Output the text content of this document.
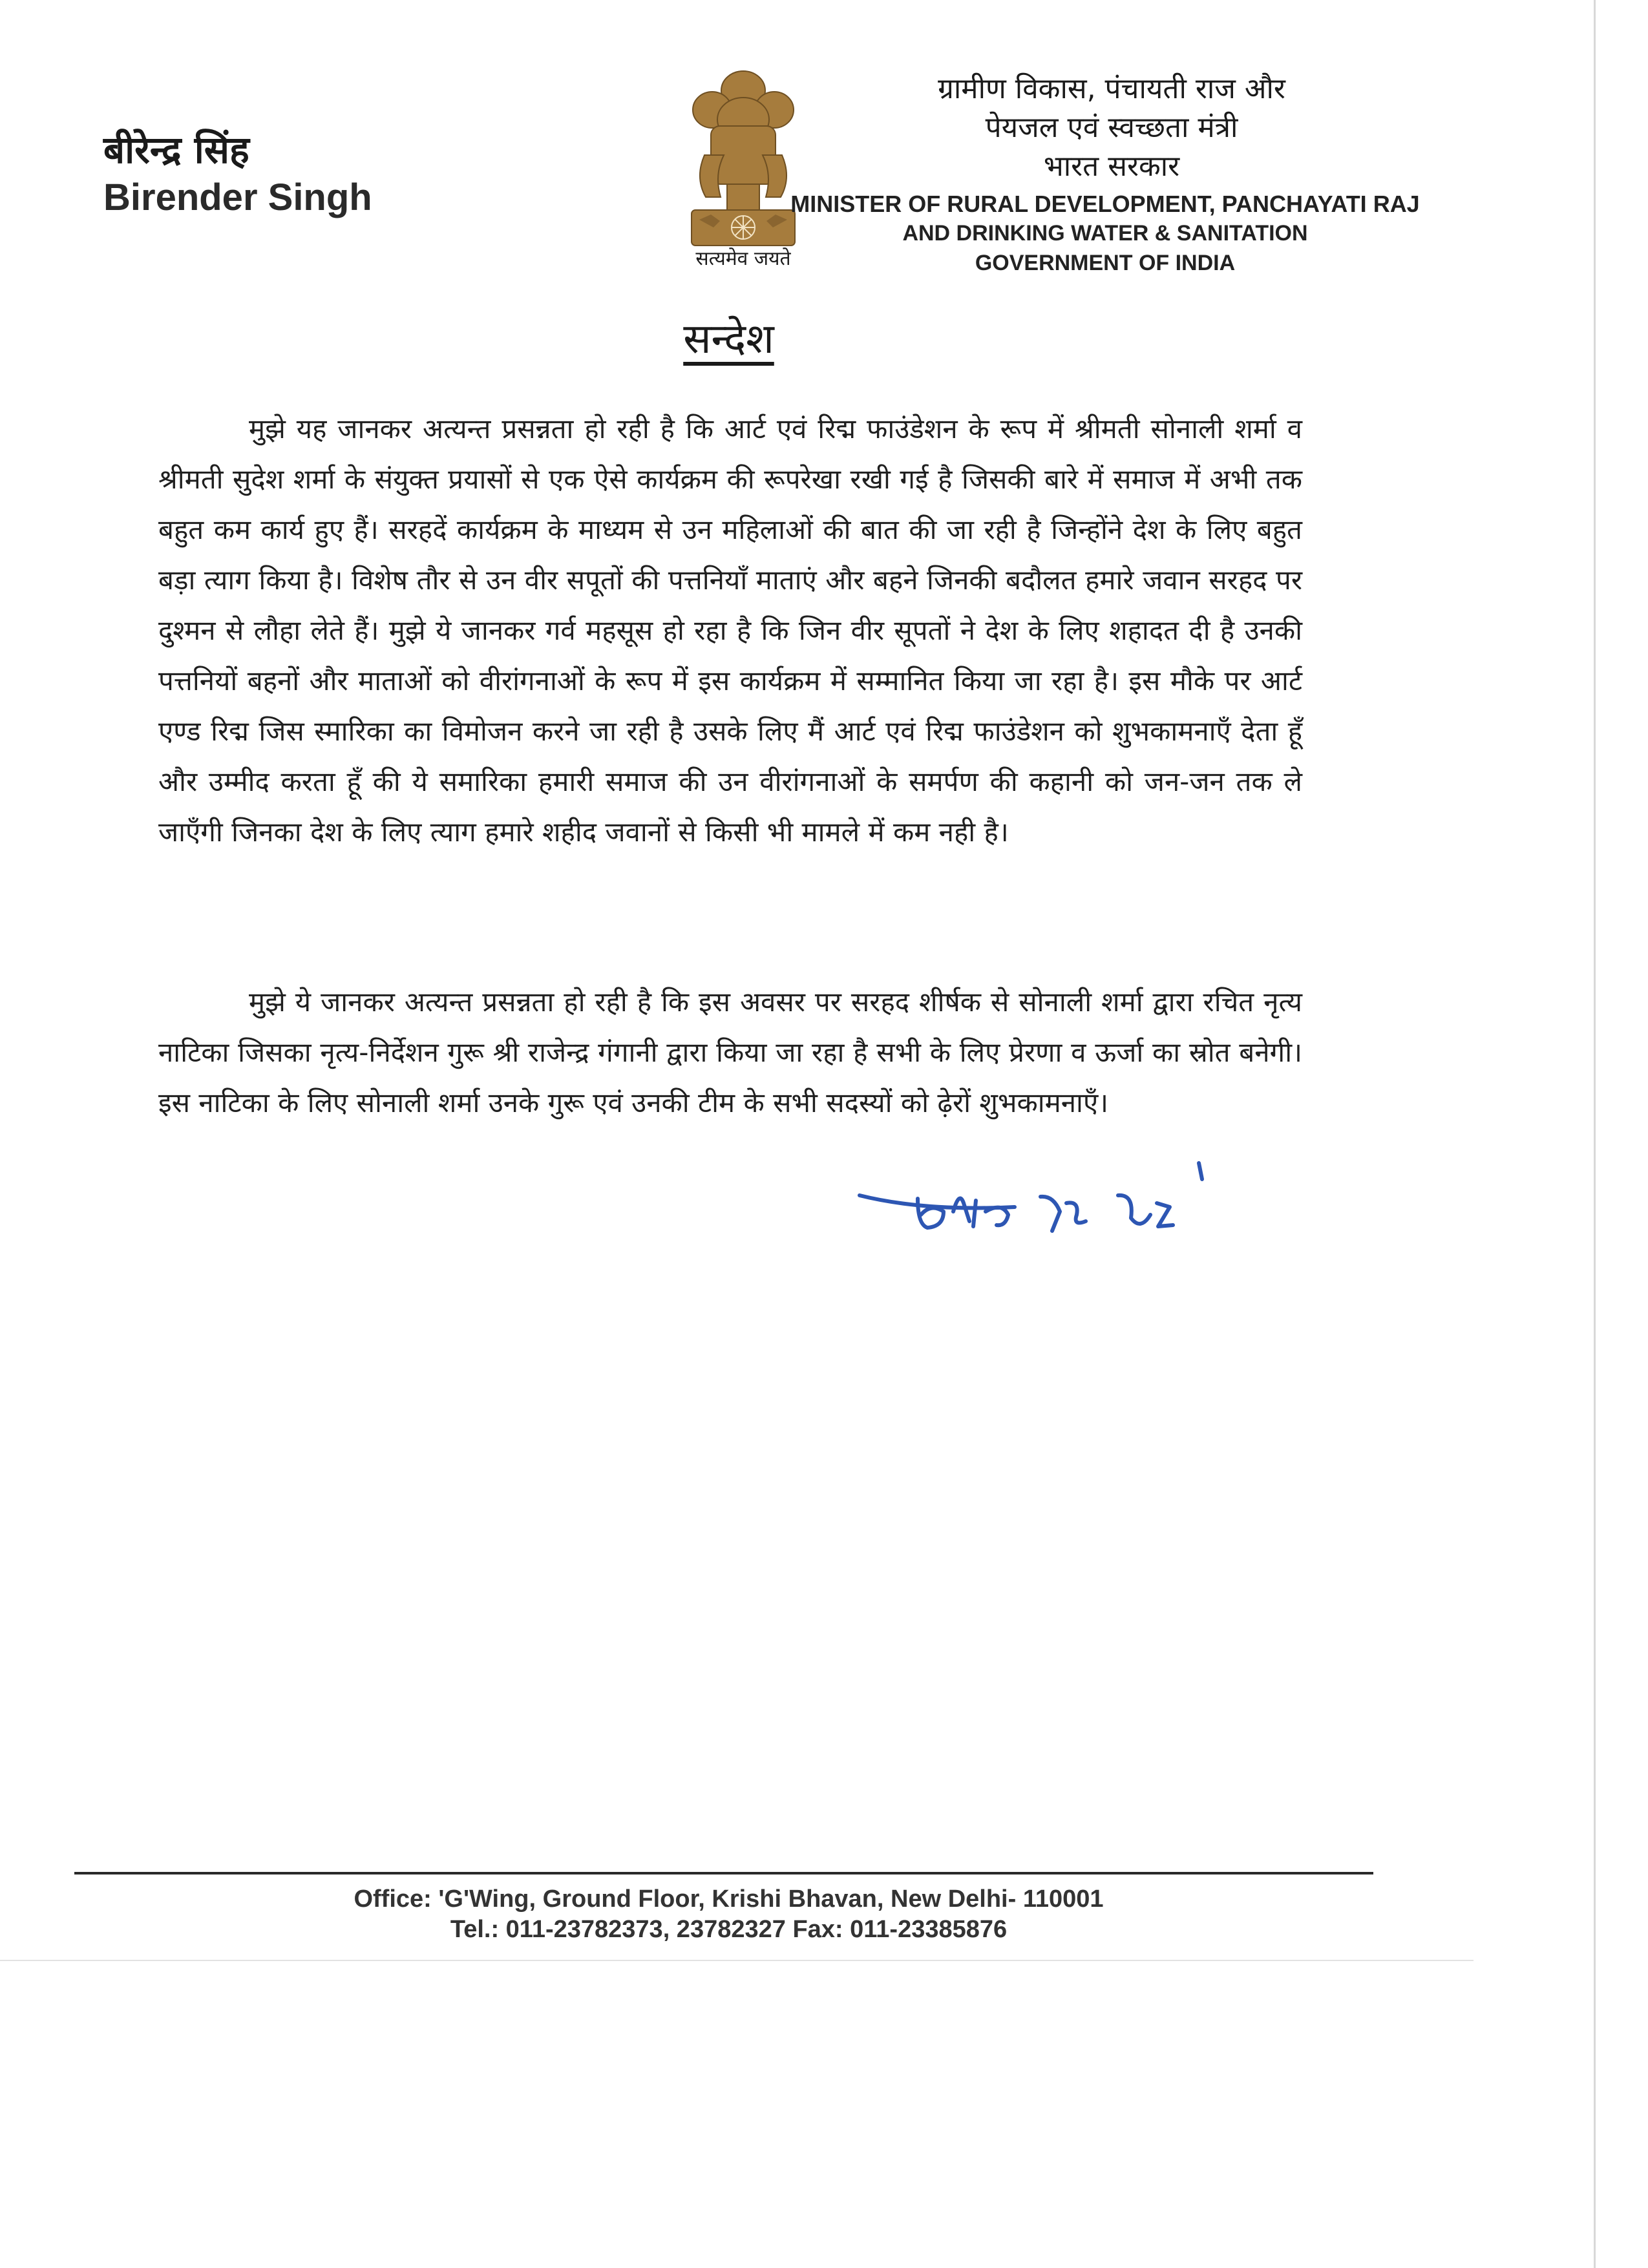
बीरेन्द्र सिंह
Birender Singh
सत्यमेव जयते
ग्रामीण विकास, पंचायती राज और
पेयजल एवं स्वच्छता मंत्री
भारत सरकार
MINISTER OF RURAL DEVELOPMENT, PANCHAYATI RAJ
AND DRINKING WATER & SANITATION
GOVERNMENT OF INDIA
सन्देश
मुझे यह जानकर अत्यन्त प्रसन्नता हो रही है कि आर्ट एवं रिद्म फाउंडेशन के रूप में श्रीमती सोनाली शर्मा व श्रीमती सुदेश शर्मा के संयुक्त प्रयासों से एक ऐसे कार्यक्रम की रूपरेखा रखी गई है जिसकी बारे में समाज में अभी तक बहुत कम कार्य हुए हैं। सरहदें कार्यक्रम के माध्यम से उन महिलाओं की बात की जा रही है जिन्होंने देश के लिए बहुत बड़ा त्याग किया है। विशेष तौर से उन वीर सपूतों की पत्तनियाँ माताएं और बहने जिनकी बदौलत हमारे जवान सरहद पर दुश्मन से लौहा लेते हैं। मुझे ये जानकर गर्व महसूस हो रहा है कि जिन वीर सूपतों ने देश के लिए शहादत दी है उनकी पत्तनियों बहनों और माताओं को वीरांगनाओं के रूप में इस कार्यक्रम में सम्मानित किया जा रहा है। इस मौके पर आर्ट एण्ड रिद्म जिस स्मारिका का विमोजन करने जा रही है उसके लिए मैं आर्ट एवं रिद्म फाउंडेशन को शुभकामनाएँ देता हूँ और उम्मीद करता हूँ की ये समारिका हमारी समाज की उन वीरांगनाओं के समर्पण की कहानी को जन-जन तक ले जाएँगी जिनका देश के लिए त्याग हमारे शहीद जवानों से किसी भी मामले में कम नही है।
मुझे ये जानकर अत्यन्त प्रसन्नता हो रही है कि इस अवसर पर सरहद शीर्षक से सोनाली शर्मा द्वारा रचित नृत्य नाटिका जिसका नृत्य-निर्देशन गुरू श्री राजेन्द्र गंगानी द्वारा किया जा रहा है सभी के लिए प्रेरणा व ऊर्जा का स्रोत बनेगी। इस नाटिका के लिए सोनाली शर्मा उनके गुरू एवं उनकी टीम के सभी सदस्यों को ढ़ेरों शुभकामनाएँ।
Office: 'G'Wing, Ground Floor, Krishi Bhavan, New Delhi- 110001
Tel.: 011-23782373, 23782327 Fax: 011-23385876
